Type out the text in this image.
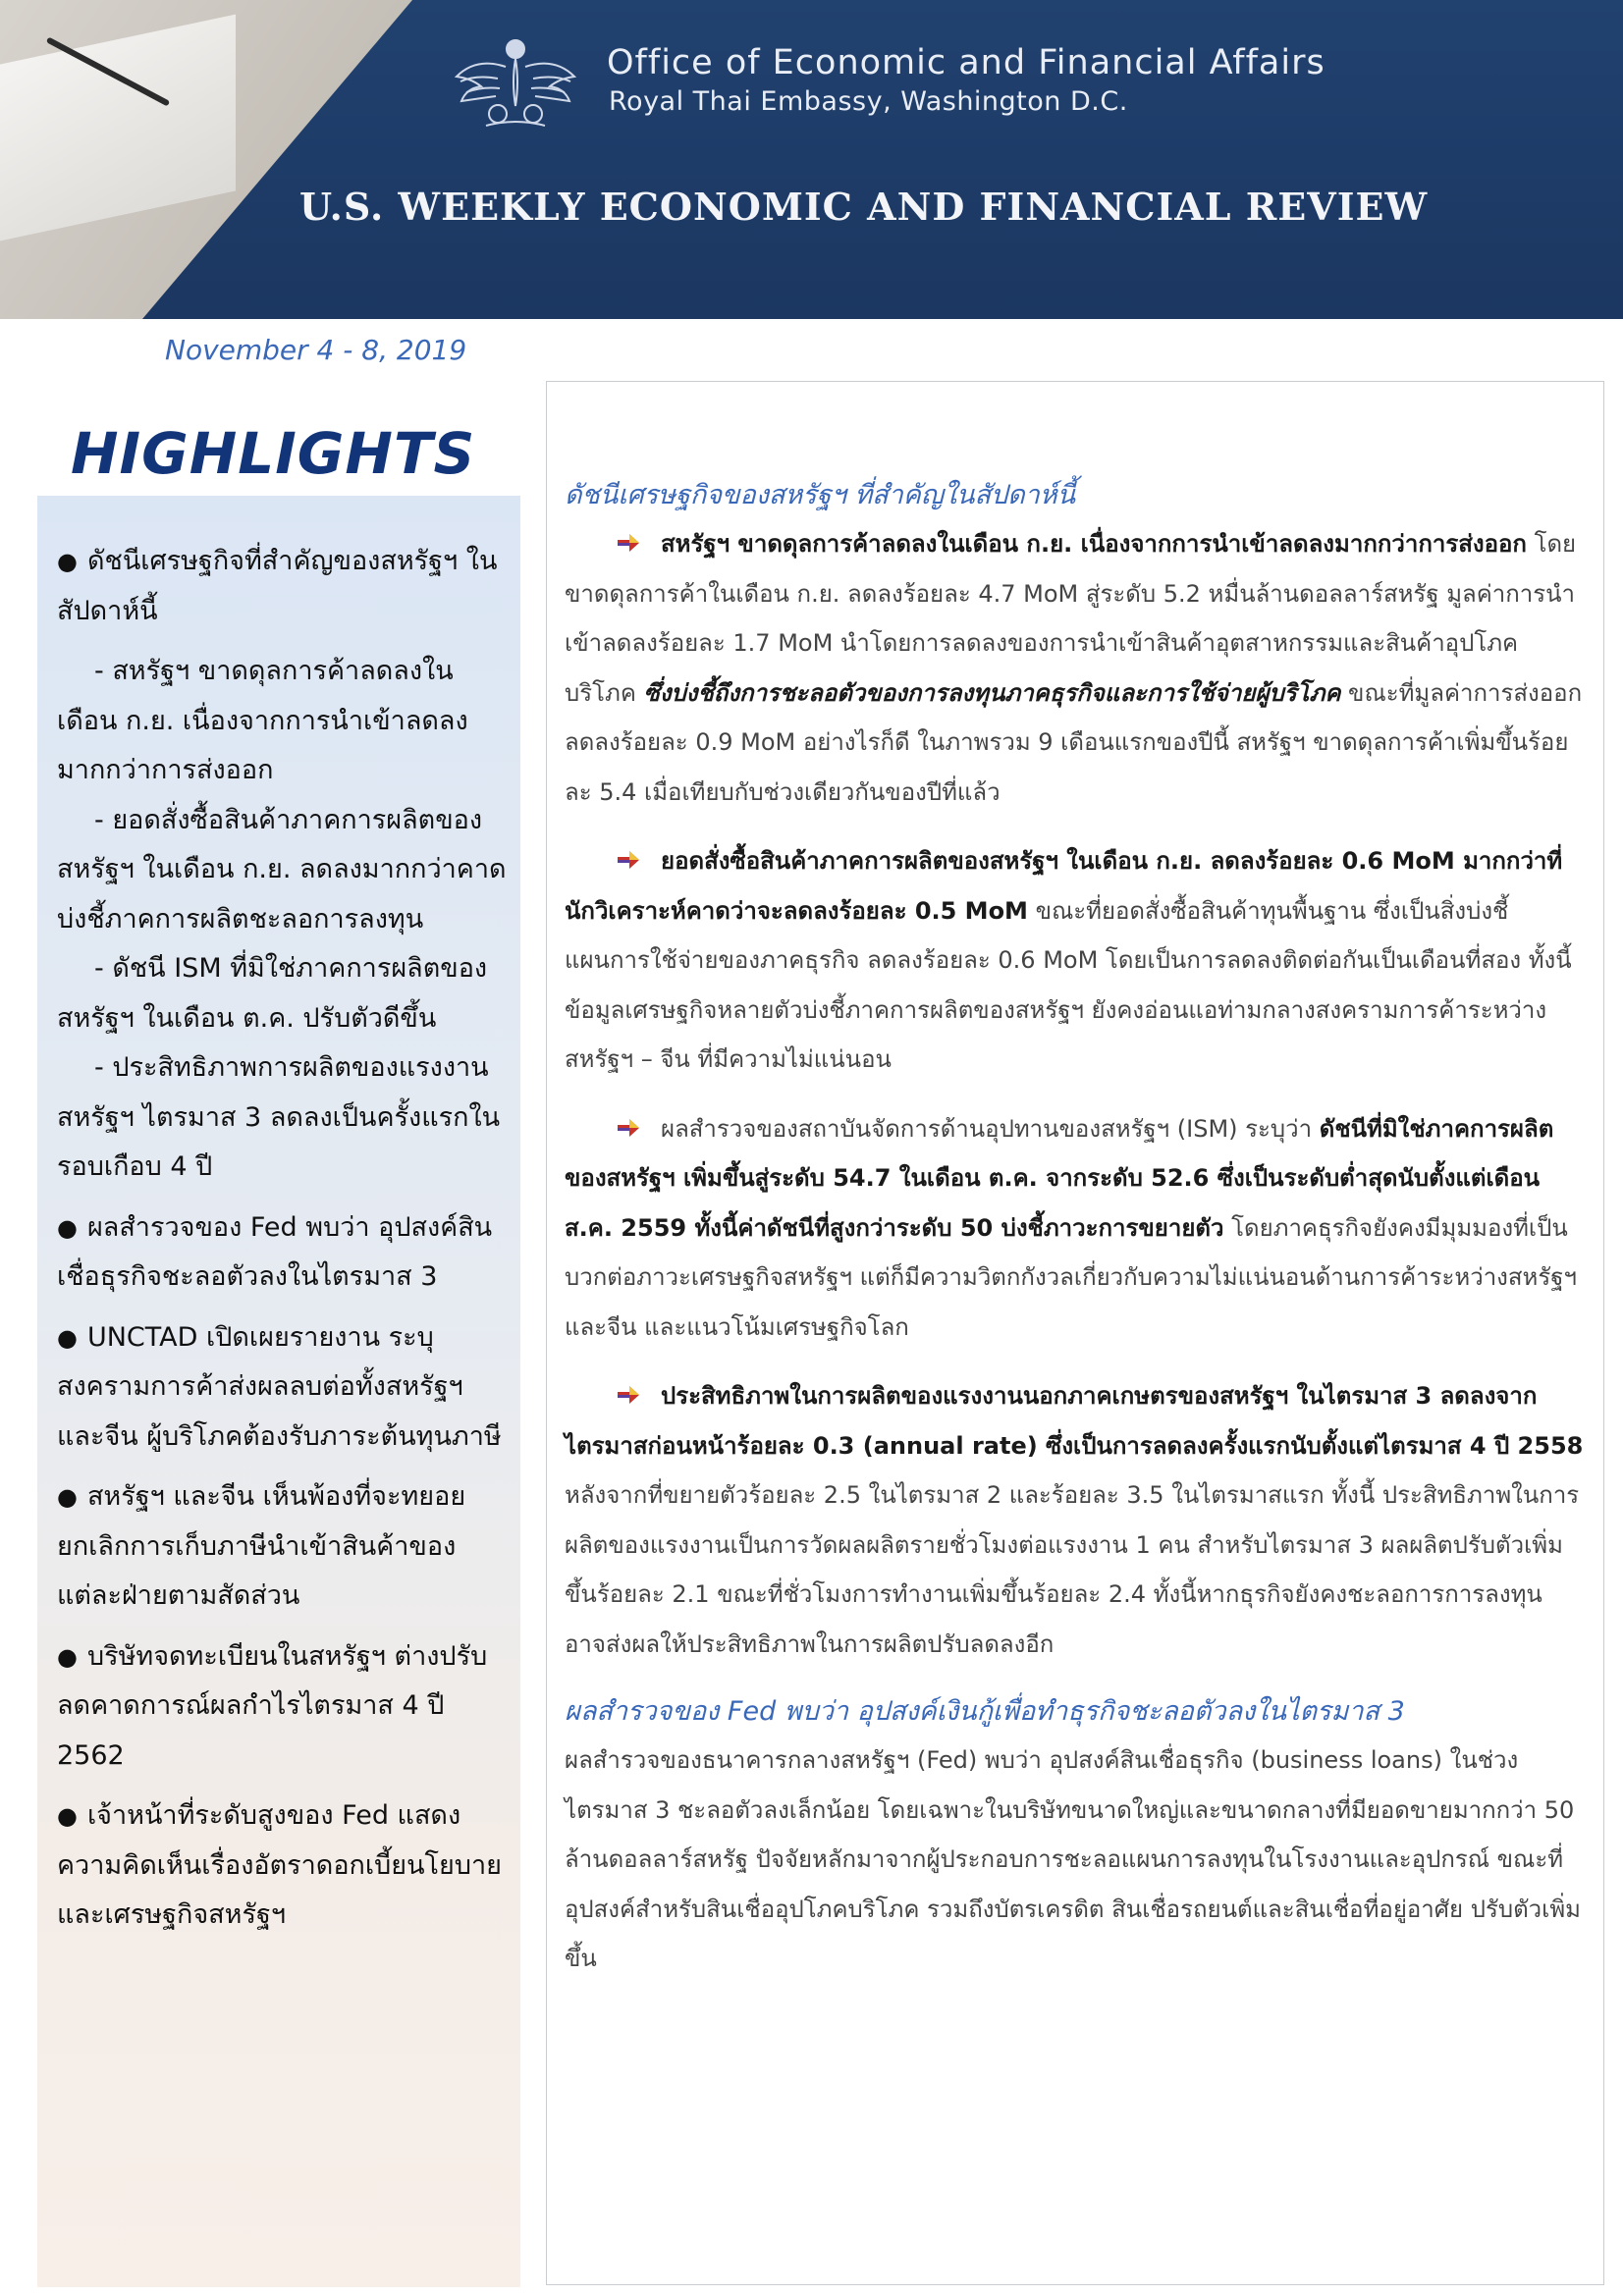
Office of Economic and Financial Affairs
Royal Thai Embassy, Washington D.C.
U.S. WEEKLY ECONOMIC AND FINANCIAL REVIEW
November 4 - 8, 2019
HIGHLIGHTS
● ดัชนีเศรษฐกิจที่สำคัญของสหรัฐฯ ในสัปดาห์นี้
- สหรัฐฯ ขาดดุลการค้าลดลงในเดือน ก.ย. เนื่องจากการนำเข้าลดลงมากกว่าการส่งออก
- ยอดสั่งซื้อสินค้าภาคการผลิตของสหรัฐฯ ในเดือน ก.ย. ลดลงมากกว่าคาด บ่งชี้ภาคการผลิตชะลอการลงทุน
- ดัชนี ISM ที่มิใช่ภาคการผลิตของสหรัฐฯ ในเดือน ต.ค. ปรับตัวดีขึ้น
- ประสิทธิภาพการผลิตของแรงงานสหรัฐฯ ไตรมาส 3 ลดลงเป็นครั้งแรกในรอบเกือบ 4 ปี
● ผลสำรวจของ Fed พบว่า อุปสงค์สินเชื่อธุรกิจชะลอตัวลงในไตรมาส 3
● UNCTAD เปิดเผยรายงาน ระบุสงครามการค้าส่งผลลบต่อทั้งสหรัฐฯ และจีน ผู้บริโภคต้องรับภาระต้นทุนภาษี
● สหรัฐฯ และจีน เห็นพ้องที่จะทยอยยกเลิกการเก็บภาษีนำเข้าสินค้าของแต่ละฝ่ายตามสัดส่วน
● บริษัทจดทะเบียนในสหรัฐฯ ต่างปรับลดคาดการณ์ผลกำไรไตรมาส 4 ปี 2562
● เจ้าหน้าที่ระดับสูงของ Fed แสดงความคิดเห็นเรื่องอัตราดอกเบี้ยนโยบายและเศรษฐกิจสหรัฐฯ

ดัชนีเศรษฐกิจของสหรัฐฯ ที่สำคัญในสัปดาห์นี้

สหรัฐฯ ขาดดุลการค้าลดลงในเดือน ก.ย. เนื่องจากการนำเข้าลดลงมากกว่าการส่งออก โดยขาดดุลการค้าในเดือน ก.ย. ลดลงร้อยละ 4.7 MoM สู่ระดับ 5.2 หมื่นล้านดอลลาร์สหรัฐ มูลค่าการนำเข้าลดลงร้อยละ 1.7 MoM นำโดยการลดลงของการนำเข้าสินค้าอุตสาหกรรมและสินค้าอุปโภคบริโภค ซึ่งบ่งชี้ถึงการชะลอตัวของการลงทุนภาคธุรกิจและการใช้จ่ายผู้บริโภค ขณะที่มูลค่าการส่งออกลดลงร้อยละ 0.9 MoM อย่างไรก็ดี ในภาพรวม 9 เดือนแรกของปีนี้ สหรัฐฯ ขาดดุลการค้าเพิ่มขึ้นร้อยละ 5.4 เมื่อเทียบกับช่วงเดียวกันของปีที่แล้ว

ยอดสั่งซื้อสินค้าภาคการผลิตของสหรัฐฯ ในเดือน ก.ย. ลดลงร้อยละ 0.6 MoM มากกว่าที่นักวิเคราะห์คาดว่าจะลดลงร้อยละ 0.5 MoM ขณะที่ยอดสั่งซื้อสินค้าทุนพื้นฐาน ซึ่งเป็นสิ่งบ่งชี้แผนการใช้จ่ายของภาคธุรกิจ ลดลงร้อยละ 0.6 MoM โดยเป็นการลดลงติดต่อกันเป็นเดือนที่สอง ทั้งนี้ข้อมูลเศรษฐกิจหลายตัวบ่งชี้ภาคการผลิตของสหรัฐฯ ยังคงอ่อนแอท่ามกลางสงครามการค้าระหว่างสหรัฐฯ – จีน ที่มีความไม่แน่นอน

ผลสำรวจของสถาบันจัดการด้านอุปทานของสหรัฐฯ (ISM) ระบุว่า ดัชนีที่มิใช่ภาคการผลิตของสหรัฐฯ เพิ่มขึ้นสู่ระดับ 54.7 ในเดือน ต.ค. จากระดับ 52.6 ซึ่งเป็นระดับต่ำสุดนับตั้งแต่เดือน ส.ค. 2559 ทั้งนี้ค่าดัชนีที่สูงกว่าระดับ 50 บ่งชี้ภาวะการขยายตัว โดยภาคธุรกิจยังคงมีมุมมองที่เป็นบวกต่อภาวะเศรษฐกิจสหรัฐฯ แต่ก็มีความวิตกกังวลเกี่ยวกับความไม่แน่นอนด้านการค้าระหว่างสหรัฐฯ และจีน และแนวโน้มเศรษฐกิจโลก

ประสิทธิภาพในการผลิตของแรงงานนอกภาคเกษตรของสหรัฐฯ ในไตรมาส 3 ลดลงจากไตรมาสก่อนหน้าร้อยละ 0.3 (annual rate) ซึ่งเป็นการลดลงครั้งแรกนับตั้งแต่ไตรมาส 4 ปี 2558 หลังจากที่ขยายตัวร้อยละ 2.5 ในไตรมาส 2 และร้อยละ 3.5 ในไตรมาสแรก ทั้งนี้ ประสิทธิภาพในการผลิตของแรงงานเป็นการวัดผลผลิตรายชั่วโมงต่อแรงงาน 1 คน สำหรับไตรมาส 3 ผลผลิตปรับตัวเพิ่มขึ้นร้อยละ 2.1 ขณะที่ชั่วโมงการทำงานเพิ่มขึ้นร้อยละ 2.4 ทั้งนี้หากธุรกิจยังคงชะลอการการลงทุน อาจส่งผลให้ประสิทธิภาพในการผลิตปรับลดลงอีก

ผลสำรวจของ Fed พบว่า อุปสงค์เงินกู้เพื่อทำธุรกิจชะลอตัวลงในไตรมาส 3

ผลสำรวจของธนาคารกลางสหรัฐฯ (Fed) พบว่า อุปสงค์สินเชื่อธุรกิจ (business loans) ในช่วงไตรมาส 3 ชะลอตัวลงเล็กน้อย โดยเฉพาะในบริษัทขนาดใหญ่และขนาดกลางที่มียอดขายมากกว่า 50 ล้านดอลลาร์สหรัฐ ปัจจัยหลักมาจากผู้ประกอบการชะลอแผนการลงทุนในโรงงานและอุปกรณ์ ขณะที่อุปสงค์สำหรับสินเชื่ออุปโภคบริโภค รวมถึงบัตรเครดิต สินเชื่อรถยนต์และสินเชื่อที่อยู่อาศัย ปรับตัวเพิ่มขึ้น
